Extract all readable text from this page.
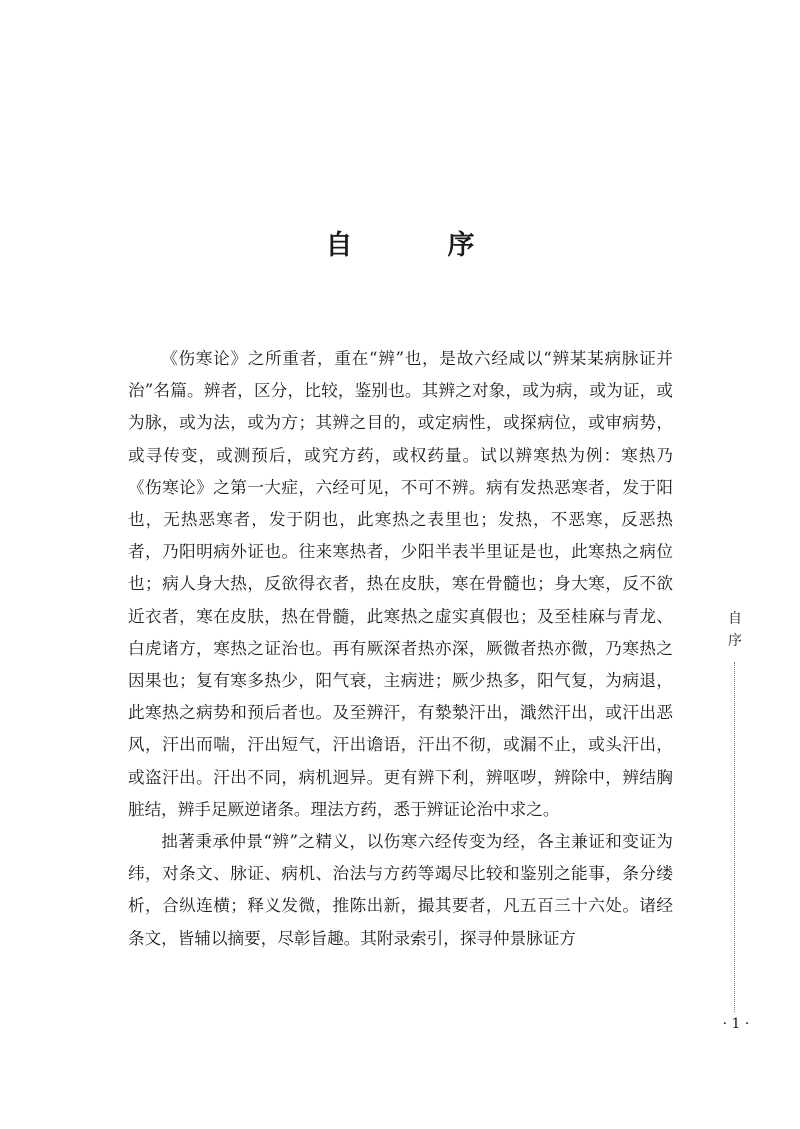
自　序

《伤寒论》之所重者，重在“辨”也，是故六经咸以“辨某某病脉证并治”名篇。辨者，区分，比较，鉴别也。其辨之对象，或为病，或为证，或为脉，或为法，或为方；其辨之目的，或定病性，或探病位，或审病势，或寻传变，或测预后，或究方药，或权药量。试以辨寒热为例：寒热乃《伤寒论》之第一大症，六经可见，不可不辨。病有发热恶寒者，发于阳也，无热恶寒者，发于阴也，此寒热之表里也；发热，不恶寒，反恶热者，乃阳明病外证也。往来寒热者，少阳半表半里证是也，此寒热之病位也；病人身大热，反欲得衣者，热在皮肤，寒在骨髓也；身大寒，反不欲近衣者，寒在皮肤，热在骨髓，此寒热之虚实真假也；及至桂麻与青龙、白虎诸方，寒热之证治也。再有厥深者热亦深，厥微者热亦微，乃寒热之因果也；复有寒多热少，阳气衰，主病进；厥少热多，阳气复，为病退，此寒热之病势和预后者也。及至辨汗，有漐漐汗出，濈然汗出，或汗出恶风，汗出而喘，汗出短气，汗出谵语，汗出不彻，或漏不止，或头汗出，或盗汗出。汗出不同，病机迥异。更有辨下利，辨呕哕，辨除中，辨结胸脏结，辨手足厥逆诸条。理法方药，悉于辨证论治中求之。

拙著秉承仲景“辨”之精义，以伤寒六经传变为经，各主兼证和变证为纬，对条文、脉证、病机、治法与方药等竭尽比较和鉴别之能事，条分缕析，合纵连横；释义发微，推陈出新，撮其要者，凡五百三十六处。诸经条文，皆辅以摘要，尽彰旨趣。其附录索引，探寻仲景脉证方

自
序
· 1 ·
